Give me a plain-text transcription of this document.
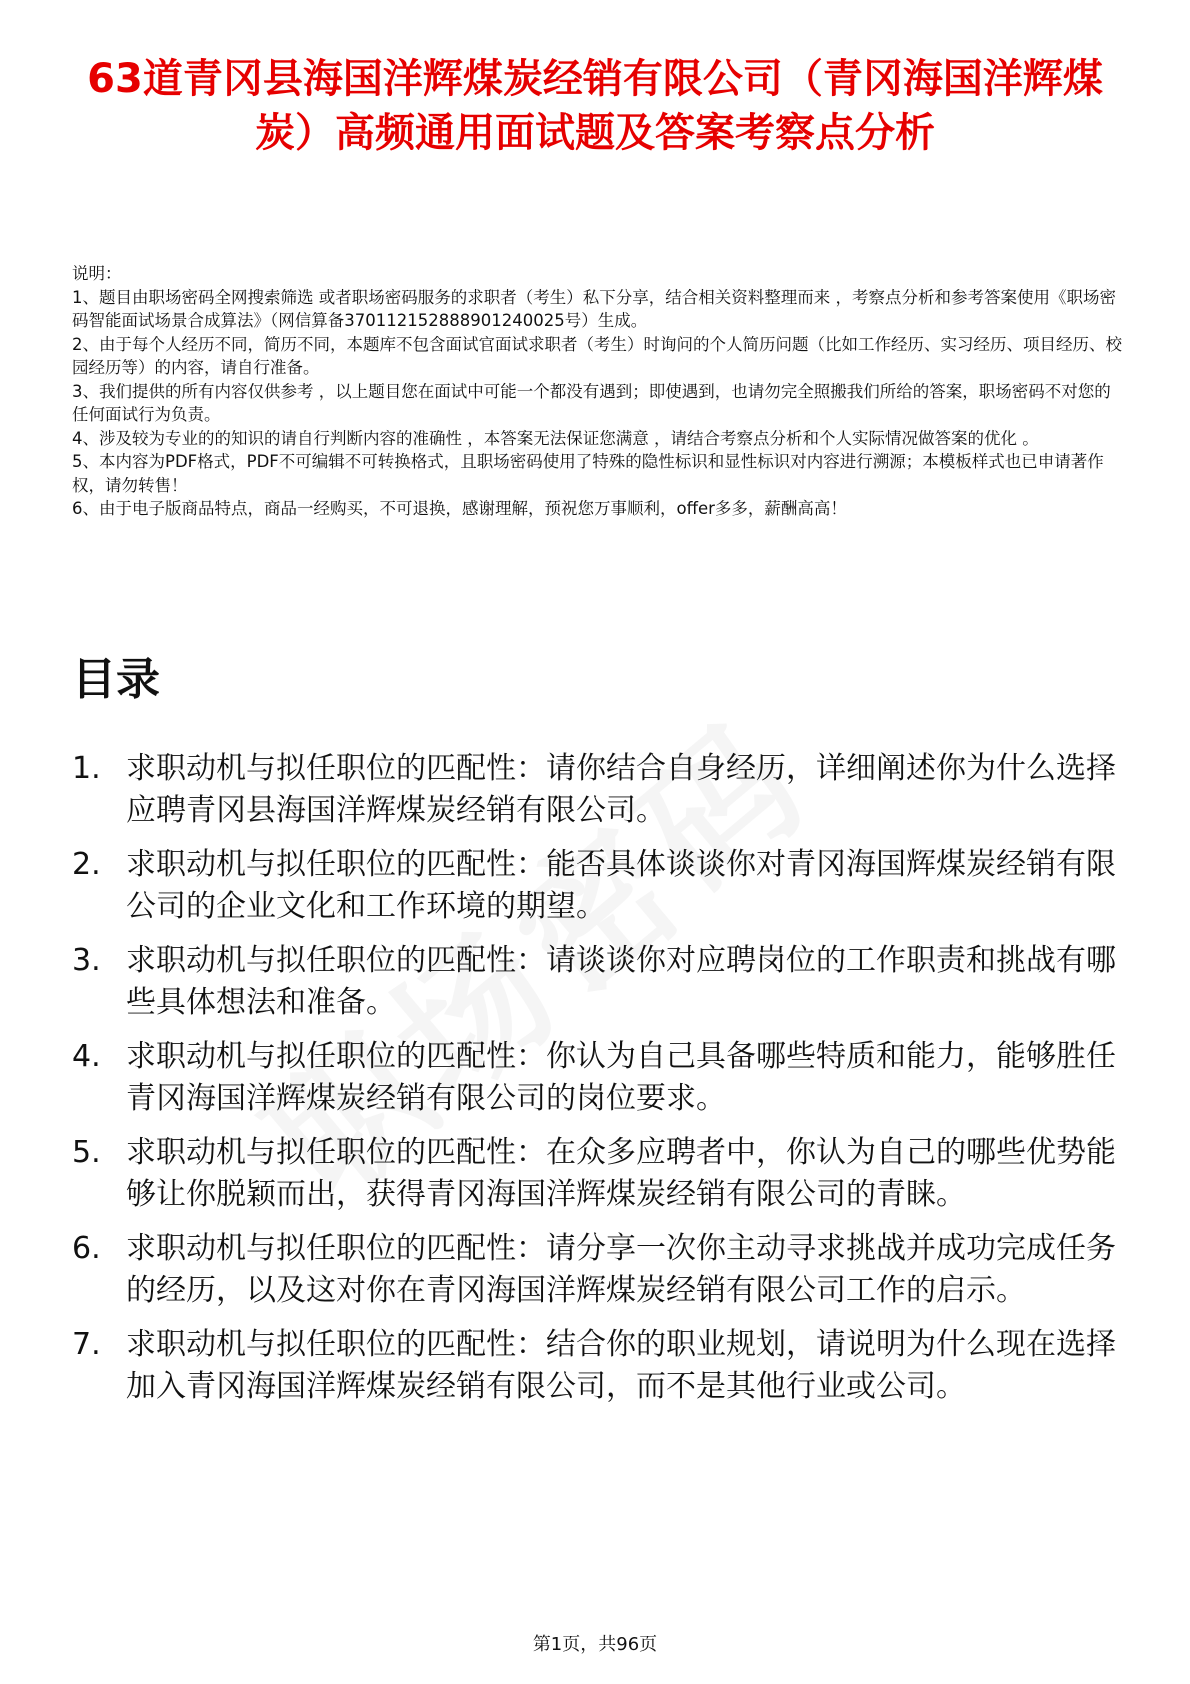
63道青冈县海国洋辉煤炭经销有限公司（青冈海国洋辉煤炭）高频通用面试题及答案考察点分析

说明：

1、题目由职场密码全网搜索筛选 或者职场密码服务的求职者（考生）私下分享，结合相关资料整理而来 ，考察点分析和参考答案使用《职场密码智能面试场景合成算法》（网信算备370112152888901240025号）生成。

2、由于每个人经历不同，简历不同，本题库不包含面试官面试求职者（考生）时询问的个人简历问题（比如工作经历、实习经历、项目经历、校园经历等）的内容，请自行准备。

3、我们提供的所有内容仅供参考 ，以上题目您在面试中可能一个都没有遇到；即使遇到，也请勿完全照搬我们所给的答案，职场密码不对您的任何面试行为负责。

4、涉及较为专业的的知识的请自行判断内容的准确性 ，本答案无法保证您满意 ，请结合考察点分析和个人实际情况做答案的优化 。

5、本内容为PDF格式，PDF不可编辑不可转换格式，且职场密码使用了特殊的隐性标识和显性标识对内容进行溯源；本模板样式也已申请著作权，请勿转售！

6、由于电子版商品特点，商品一经购买，不可退换，感谢理解，预祝您万事顺利，offer多多，薪酬高高！

目录
1. 求职动机与拟任职位的匹配性：请你结合自身经历，详细阐述你为什么选择应聘青冈县海国洋辉煤炭经销有限公司。
2. 求职动机与拟任职位的匹配性：能否具体谈谈你对青冈海国辉煤炭经销有限公司的企业文化和工作环境的期望。
3. 求职动机与拟任职位的匹配性：请谈谈你对应聘岗位的工作职责和挑战有哪些具体想法和准备。
4. 求职动机与拟任职位的匹配性：你认为自己具备哪些特质和能力，能够胜任青冈海国洋辉煤炭经销有限公司的岗位要求。
5. 求职动机与拟任职位的匹配性：在众多应聘者中，你认为自己的哪些优势能够让你脱颖而出，获得青冈海国洋辉煤炭经销有限公司的青睐。
6. 求职动机与拟任职位的匹配性：请分享一次你主动寻求挑战并成功完成任务的经历，以及这对你在青冈海国洋辉煤炭经销有限公司工作的启示。
7. 求职动机与拟任职位的匹配性：结合你的职业规划，请说明为什么现在选择加入青冈海国洋辉煤炭经销有限公司，而不是其他行业或公司。
第1页，共96页
